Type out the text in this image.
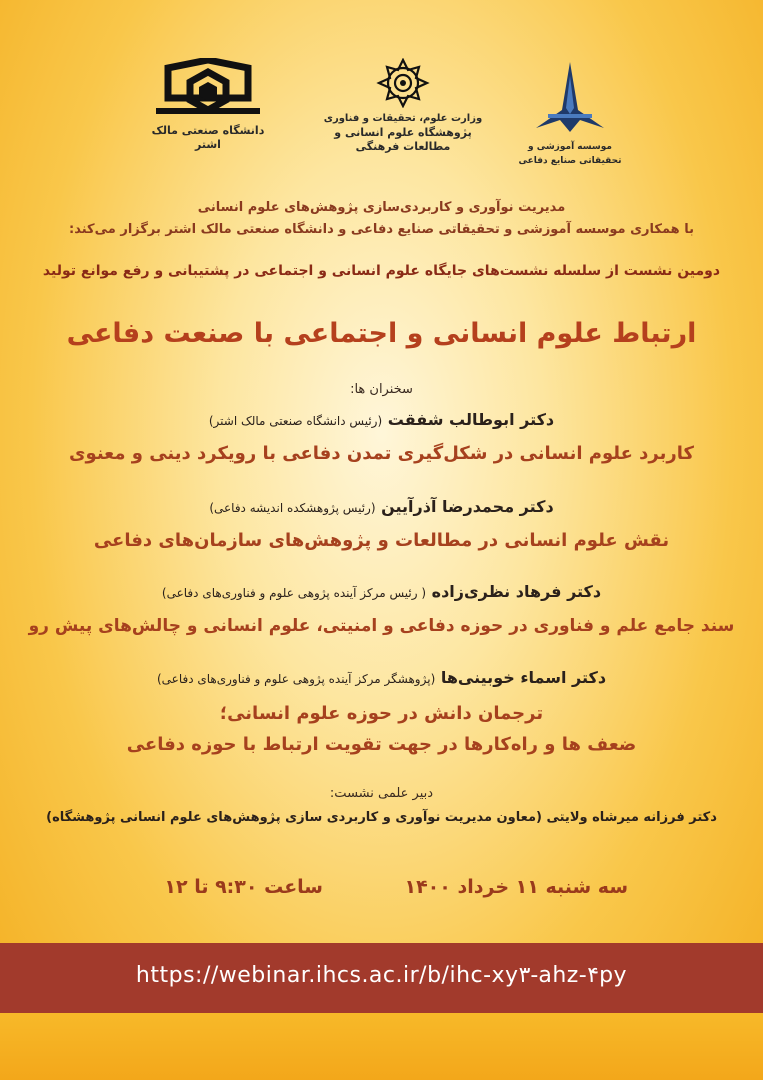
دانشگاه صنعتی مالک اشتر
وزارت علوم، تحقیقات و فناوری
پژوهشگاه علوم انسانی و مطالعات فرهنگی	موسسه آموزشی و تحقیقاتی صنایع دفاعی
مدیریت نوآوری و کاربردی‌سازی پژوهش‌های علوم انسانی
با همکاری موسسه آموزشی و تحقیقاتی صنایع دفاعی و دانشگاه صنعتی مالک اشتر برگزار می‌کند:
دومین نشست از سلسله نشست‌های جایگاه علوم انسانی و اجتماعی در پشتیبانی و رفع موانع تولید
ارتباط علوم انسانی و اجتماعی با صنعت دفاعی
سخنران ها:
دکتر ابوطالب شفقت (رئیس دانشگاه صنعتی مالک اشتر)
کاربرد علوم انسانی در شکل‌گیری تمدن دفاعی با رویکرد دینی و معنوی
دکتر محمدرضا آذرآیین (رئیس پژوهشکده اندیشه دفاعی)
نقش علوم انسانی در مطالعات و پژوهش‌های سازمان‌های دفاعی
دکتر فرهاد نظری‌زاده ( رئیس مرکز آینده پژوهی علوم و فناوری‌های دفاعی)
سند جامع علم و فناوری در حوزه دفاعی و امنیتی، علوم انسانی و چالش‌های پیش رو
دکتر اسماء خوبینی‌ها (پژوهشگر مرکز آینده پژوهی علوم و فناوری‌های دفاعی)
ترجمان دانش در حوزه علوم انسانی؛
ضعف ها و راه‌کارها در جهت تقویت ارتباط با حوزه دفاعی
دبیر علمی نشست:
دکتر فرزانه میرشاه ولایتی (معاون مدیریت نوآوری و کاربردی سازی پژوهش‌های علوم انسانی پژوهشگاه)
سه شنبه ۱۱ خرداد ۱۴۰۰
ساعت ۹:۳۰ تا ۱۲
https://webinar.ihcs.ac.ir/b/ihc-xy۳-ahz-۴py
